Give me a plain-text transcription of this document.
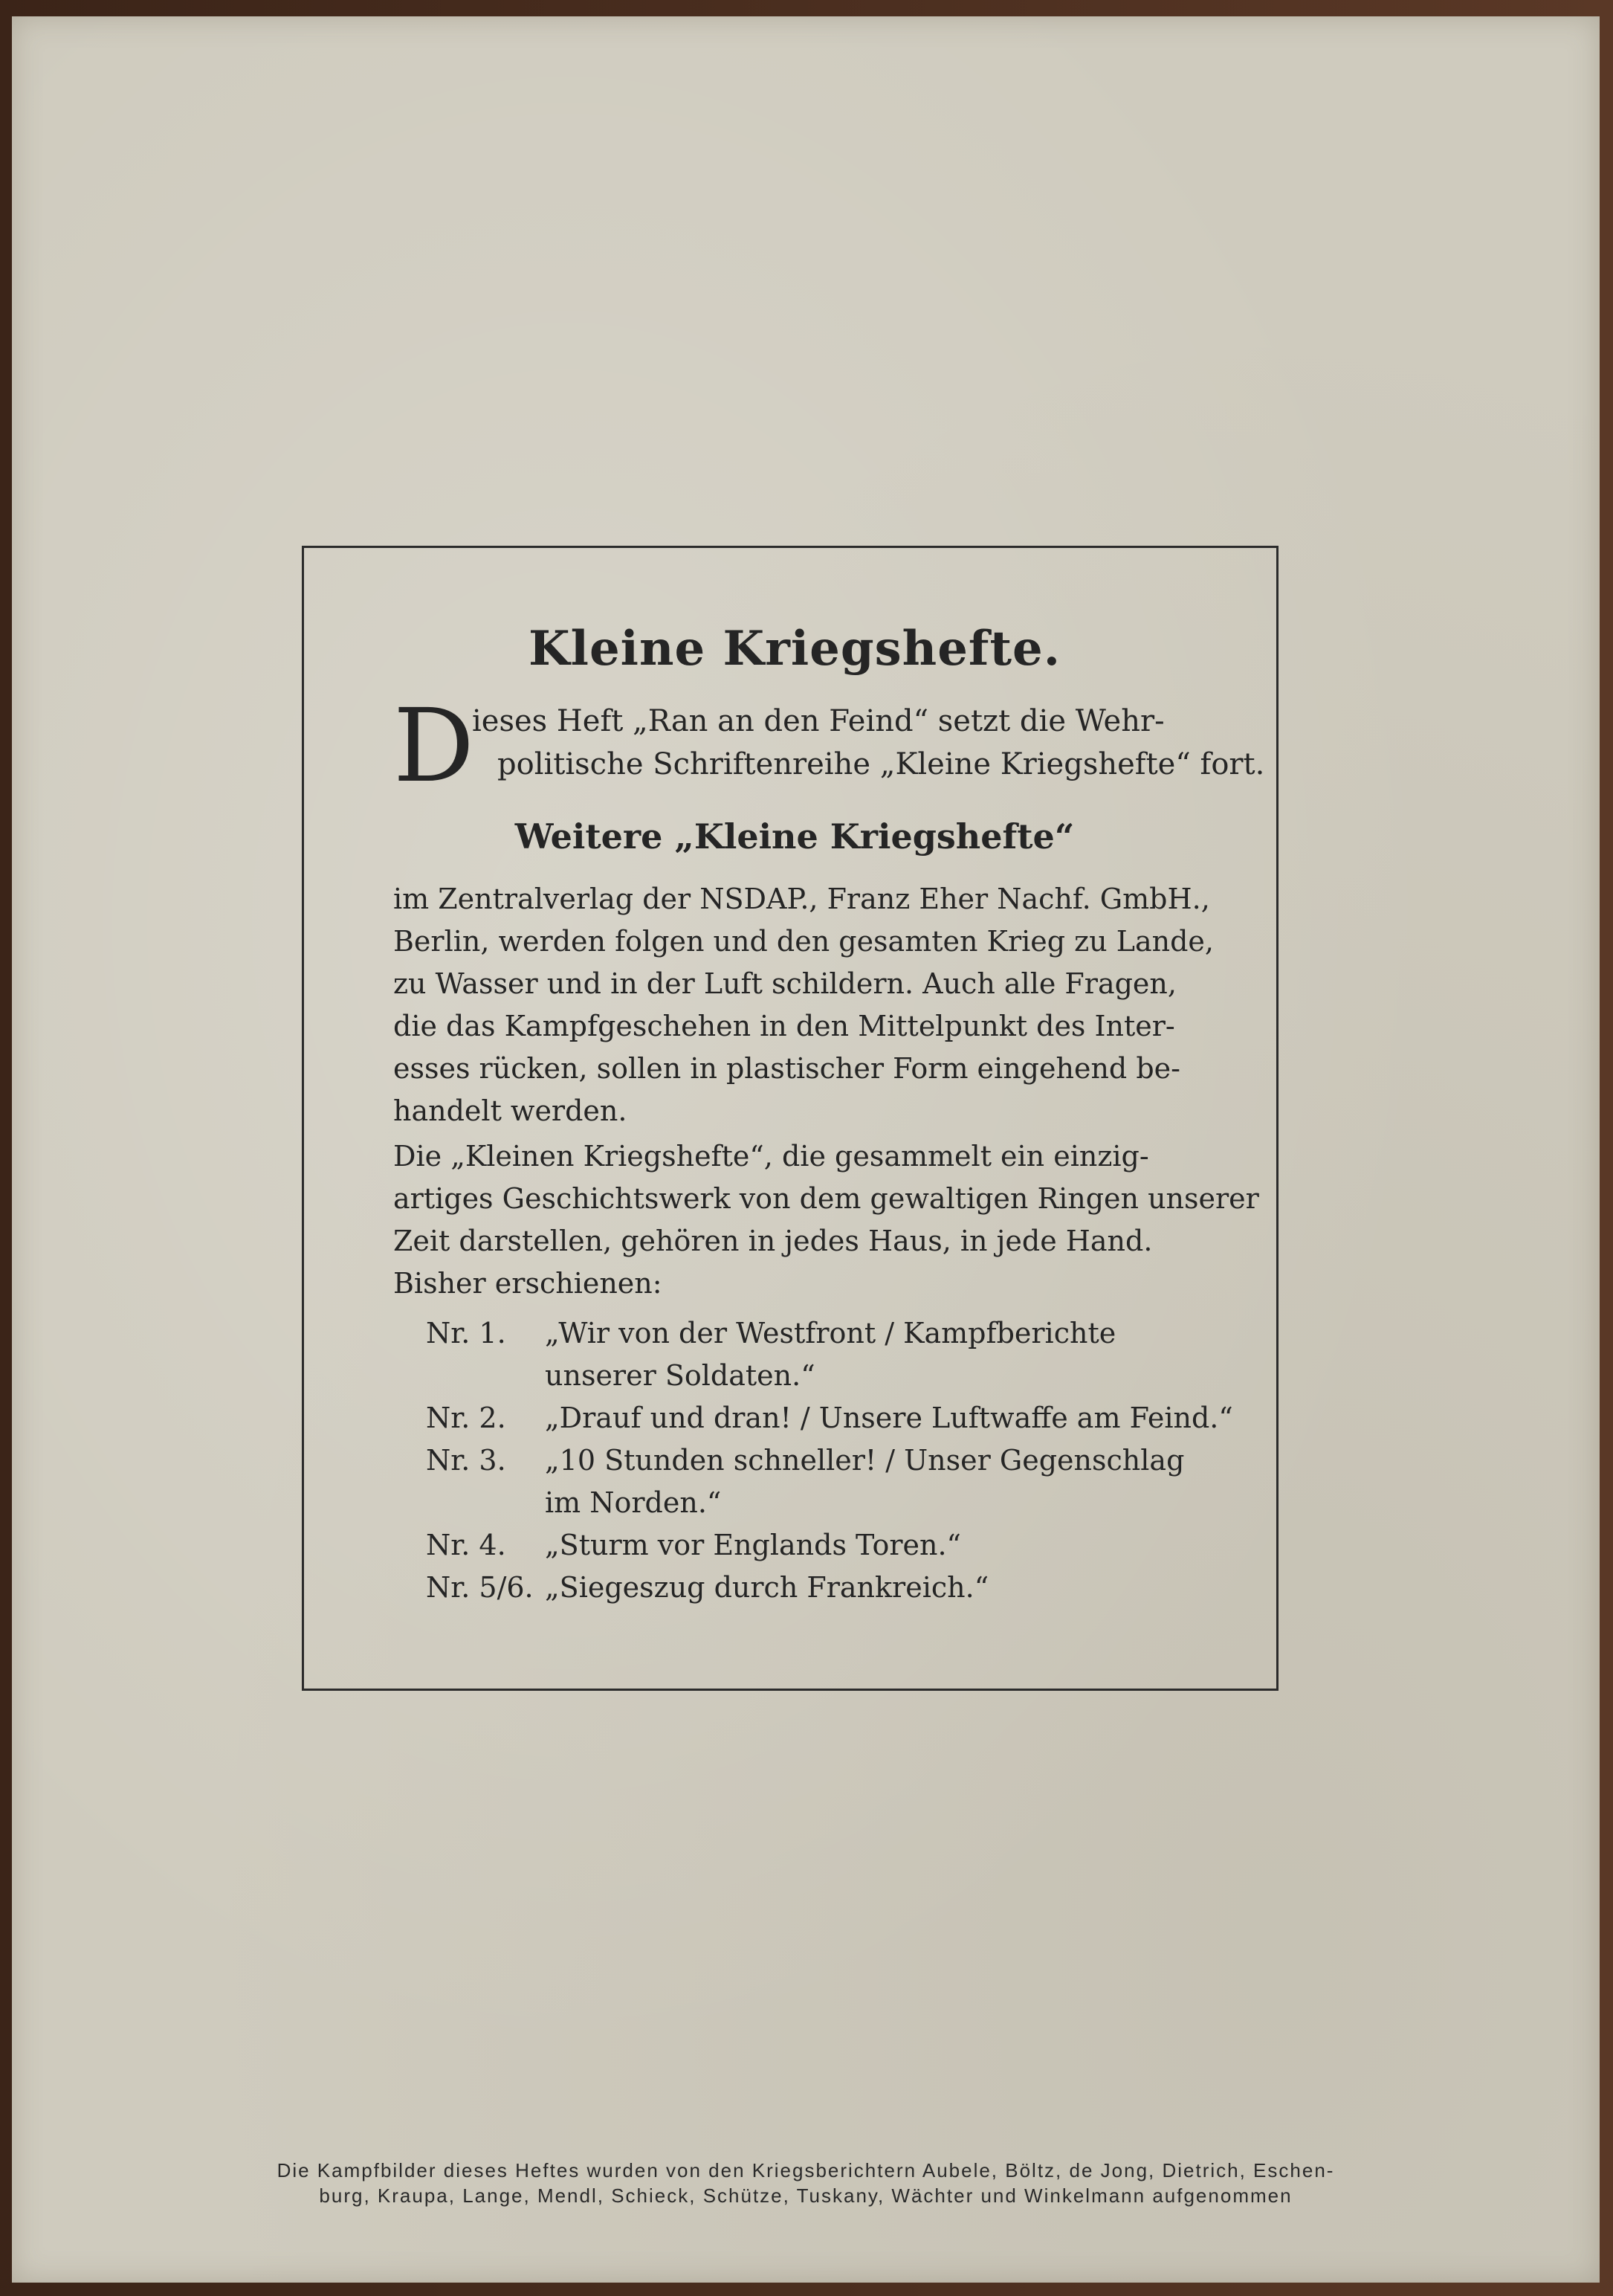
Kleine Kriegshefte.
D
ieses Heft „Ran an den Feind“ setzt die Wehr-
politische Schriftenreihe „Kleine Kriegshefte“ fort.
Weitere „Kleine Kriegshefte“

im Zentralverlag der NSDAP., Franz Eher Nachf. GmbH.,

Berlin, werden folgen und den gesamten Krieg zu Lande,

zu Wasser und in der Luft schildern. Auch alle Fragen,

die das Kampfgeschehen in den Mittelpunkt des Inter-

esses rücken, sollen in plastischer Form eingehend be-

handelt werden.

Die „Kleinen Kriegshefte“, die gesammelt ein einzig-

artiges Geschichtswerk von dem gewaltigen Ringen unserer

Zeit darstellen, gehören in jedes Haus, in jede Hand.

Bisher erschienen:

Nr. 1.	„Wir von der Westfront / Kampfberichte
unserer Soldaten.“
Nr. 2.	„Drauf und dran! / Unsere Luftwaffe am Feind.“
Nr. 3.	„10 Stunden schneller! / Unser Gegenschlag
im Norden.“
Nr. 4.	„Sturm vor Englands Toren.“
Nr. 5/6. „Siegeszug durch Frankreich.“
Die Kampfbilder dieses Heftes wurden von den Kriegsberichtern Aubele, Böltz, de Jong, Dietrich, Eschen-
burg, Kraupa, Lange, Mendl, Schieck, Schütze, Tuskany, Wächter und Winkelmann aufgenommen
